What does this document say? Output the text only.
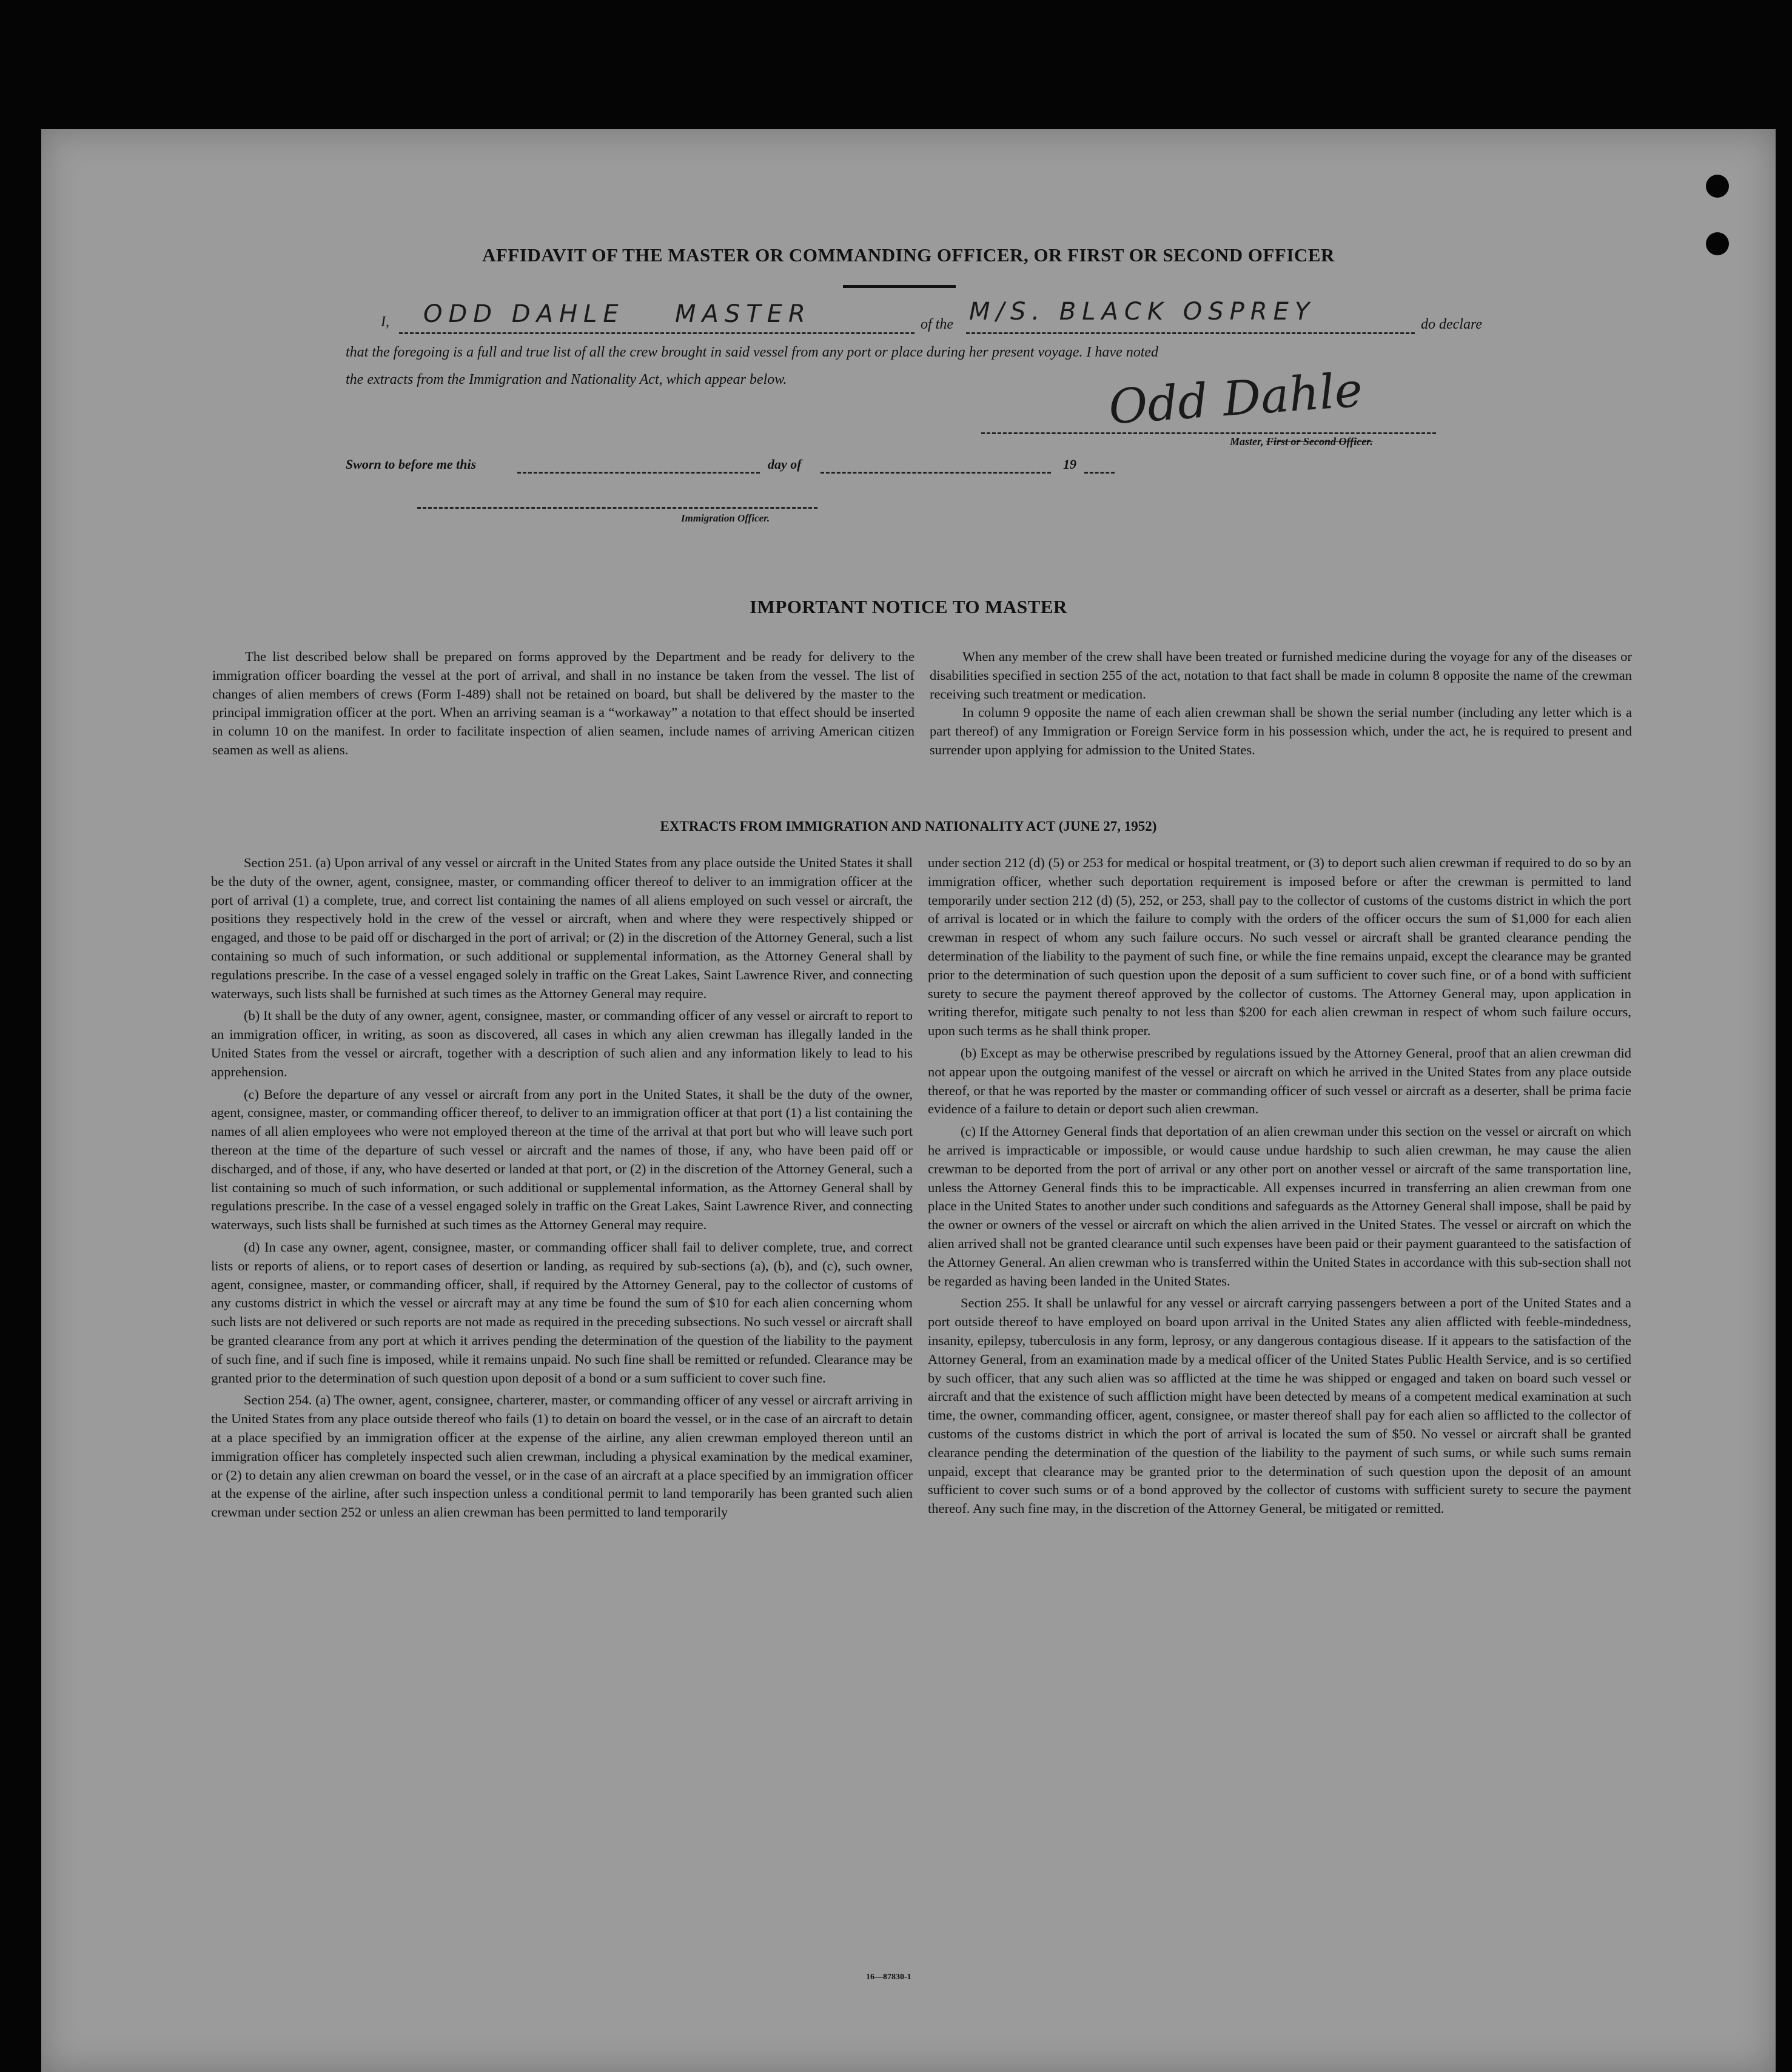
AFFIDAVIT OF THE MASTER OR COMMANDING OFFICER, OR FIRST OR SECOND OFFICER
I, ODD DAHLE MASTER	of the M/S. BLACK OSPREY	do declare
that the foregoing is a full and true list of all the crew brought in said vessel from any port or place during her present voyage. I have noted
the extracts from the Immigration and Nationality Act, which appear below.	Odd Dahle
Master, First or Second Officer.
Sworn to before me this	day of	19
Immigration Officer.
IMPORTANT NOTICE TO MASTER

The list described below shall be prepared on forms approved by the Department and be ready for delivery to the immigration officer boarding the vessel at the port of arrival, and shall in no instance be taken from the vessel. The list of changes of alien members of crews (Form I-489) shall not be retained on board, but shall be delivered by the master to the principal immigration officer at the port. When an arriving seaman is a “workaway” a notation to that effect should be inserted in column 10 on the manifest. In order to facilitate inspection of alien seamen, include names of arriving American citizen seamen as well as aliens.

When any member of the crew shall have been treated or furnished medicine during the voyage for any of the diseases or disabilities specified in section 255 of the act, notation to that fact shall be made in column 8 opposite the name of the crewman receiving such treatment or medication.

In column 9 opposite the name of each alien crewman shall be shown the serial number (including any letter which is a part thereof) of any Immigration or Foreign Service form in his possession which, under the act, he is required to present and surrender upon applying for admission to the United States.

EXTRACTS FROM IMMIGRATION AND NATIONALITY ACT (JUNE 27, 1952)

Section 251. (a) Upon arrival of any vessel or aircraft in the United States from any place outside the United States it shall be the duty of the owner, agent, consignee, master, or commanding officer thereof to deliver to an immigration officer at the port of arrival (1) a complete, true, and correct list containing the names of all aliens employed on such vessel or aircraft, the positions they respectively hold in the crew of the vessel or aircraft, when and where they were respectively shipped or engaged, and those to be paid off or discharged in the port of arrival; or (2) in the discretion of the Attorney General, such a list containing so much of such information, or such additional or supplemental information, as the Attorney General shall by regulations prescribe. In the case of a vessel engaged solely in traffic on the Great Lakes, Saint Lawrence River, and connecting waterways, such lists shall be furnished at such times as the Attorney General may require.

(b) It shall be the duty of any owner, agent, consignee, master, or commanding officer of any vessel or aircraft to report to an immigration officer, in writing, as soon as discovered, all cases in which any alien crewman has illegally landed in the United States from the vessel or aircraft, together with a description of such alien and any information likely to lead to his apprehension.

(c) Before the departure of any vessel or aircraft from any port in the United States, it shall be the duty of the owner, agent, consignee, master, or commanding officer thereof, to deliver to an immigration officer at that port (1) a list containing the names of all alien employees who were not employed thereon at the time of the arrival at that port but who will leave such port thereon at the time of the departure of such vessel or aircraft and the names of those, if any, who have been paid off or discharged, and of those, if any, who have deserted or landed at that port, or (2) in the discretion of the Attorney General, such a list containing so much of such information, or such additional or supplemental information, as the Attorney General shall by regulations prescribe. In the case of a vessel engaged solely in traffic on the Great Lakes, Saint Lawrence River, and connecting waterways, such lists shall be furnished at such times as the Attorney General may require.

(d) In case any owner, agent, consignee, master, or commanding officer shall fail to deliver complete, true, and correct lists or reports of aliens, or to report cases of desertion or landing, as required by sub-sections (a), (b), and (c), such owner, agent, consignee, master, or commanding officer, shall, if required by the Attorney General, pay to the collector of customs of any customs district in which the vessel or aircraft may at any time be found the sum of $10 for each alien concerning whom such lists are not delivered or such reports are not made as required in the preceding subsections. No such vessel or aircraft shall be granted clearance from any port at which it arrives pending the determination of the question of the liability to the payment of such fine, and if such fine is imposed, while it remains unpaid. No such fine shall be remitted or refunded. Clearance may be granted prior to the determination of such question upon deposit of a bond or a sum sufficient to cover such fine.

Section 254. (a) The owner, agent, consignee, charterer, master, or commanding officer of any vessel or aircraft arriving in the United States from any place outside thereof who fails (1) to detain on board the vessel, or in the case of an aircraft to detain at a place specified by an immigration officer at the expense of the airline, any alien crewman employed thereon until an immigration officer has completely inspected such alien crewman, including a physical examination by the medical examiner, or (2) to detain any alien crewman on board the vessel, or in the case of an aircraft at a place specified by an immigration officer at the expense of the airline, after such inspection unless a conditional permit to land temporarily has been granted such alien crewman under section 252 or unless an alien crewman has been permitted to land temporarily

under section 212 (d) (5) or 253 for medical or hospital treatment, or (3) to deport such alien crewman if required to do so by an immigration officer, whether such deportation requirement is imposed before or after the crewman is permitted to land temporarily under section 212 (d) (5), 252, or 253, shall pay to the collector of customs of the customs district in which the port of arrival is located or in which the failure to comply with the orders of the officer occurs the sum of $1,000 for each alien crewman in respect of whom any such failure occurs. No such vessel or aircraft shall be granted clearance pending the determination of the liability to the payment of such fine, or while the fine remains unpaid, except the clearance may be granted prior to the determination of such question upon the deposit of a sum sufficient to cover such fine, or of a bond with sufficient surety to secure the payment thereof approved by the collector of customs. The Attorney General may, upon application in writing therefor, mitigate such penalty to not less than $200 for each alien crewman in respect of whom such failure occurs, upon such terms as he shall think proper.

(b) Except as may be otherwise prescribed by regulations issued by the Attorney General, proof that an alien crewman did not appear upon the outgoing manifest of the vessel or aircraft on which he arrived in the United States from any place outside thereof, or that he was reported by the master or commanding officer of such vessel or aircraft as a deserter, shall be prima facie evidence of a failure to detain or deport such alien crewman.

(c) If the Attorney General finds that deportation of an alien crewman under this section on the vessel or aircraft on which he arrived is impracticable or impossible, or would cause undue hardship to such alien crewman, he may cause the alien crewman to be deported from the port of arrival or any other port on another vessel or aircraft of the same transportation line, unless the Attorney General finds this to be impracticable. All expenses incurred in transferring an alien crewman from one place in the United States to another under such conditions and safeguards as the Attorney General shall impose, shall be paid by the owner or owners of the vessel or aircraft on which the alien arrived in the United States. The vessel or aircraft on which the alien arrived shall not be granted clearance until such expenses have been paid or their payment guaranteed to the satisfaction of the Attorney General. An alien crewman who is transferred within the United States in accordance with this sub-section shall not be regarded as having been landed in the United States.

Section 255. It shall be unlawful for any vessel or aircraft carrying passengers between a port of the United States and a port outside thereof to have employed on board upon arrival in the United States any alien afflicted with feeble-mindedness, insanity, epilepsy, tuberculosis in any form, leprosy, or any dangerous contagious disease. If it appears to the satisfaction of the Attorney General, from an examination made by a medical officer of the United States Public Health Service, and is so certified by such officer, that any such alien was so afflicted at the time he was shipped or engaged and taken on board such vessel or aircraft and that the existence of such affliction might have been detected by means of a competent medical examination at such time, the owner, commanding officer, agent, consignee, or master thereof shall pay for each alien so afflicted to the collector of customs of the customs district in which the port of arrival is located the sum of $50. No vessel or aircraft shall be granted clearance pending the determination of the question of the liability to the payment of such sums, or while such sums remain unpaid, except that clearance may be granted prior to the determination of such question upon the deposit of an amount sufficient to cover such sums or of a bond approved by the collector of customs with sufficient surety to secure the payment thereof. Any such fine may, in the discretion of the Attorney General, be mitigated or remitted.

16—87830-1
